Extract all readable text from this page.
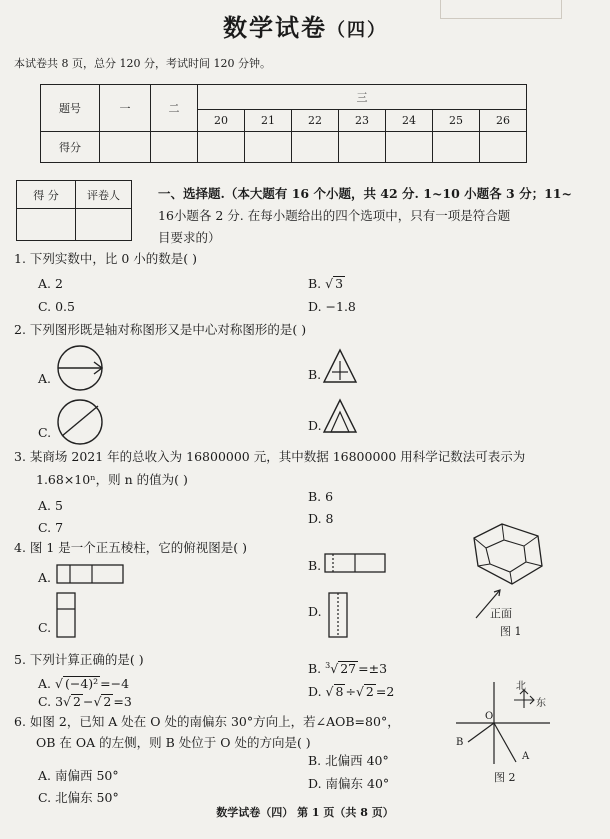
数学试卷（四）
本试卷共 8 页，总分 120 分，考试时间 120 分钟。
题号	一	二	三						
			20	21	22	23	24	25	26
得分									
得 分	评卷人
		一、选择题.（本大题有 16 个小题，共 42 分. 1~10 小题各 3 分；11~
16小题各 2 分. 在每小题给出的四个选项中，只有一项是符合题
目要求的）
1. 下列实数中，比 0 小的数是( )
A. 2	B. √ 3
C. 0.5	D. −1.8
2. 下列图形既是轴对称图形又是中心对称图形的是( )
A.	B.
C.	D.
3. 某商场 2021 年的总收入为 16800000 元，其中数据 16800000 用科学记数法可表示为
1.68×10ⁿ，则 n 的值为( )
A. 5
B. 6
C. 7
D. 8
4. 图 1 是一个正五棱柱，它的俯视图是( )
A.
B.
C.
D.	正面
图 1
5. 下列计算正确的是( )
A. √ (−4)² =−4
B. $^3$√ 27 =±3
C. 3√ 2 −√ 2 =3
D. √ 8 ÷√ 2 =2
6. 如图 2，已知 A 处在 O 处的南偏东 30°方向上，若∠AOB=80°，
OB 在 OA 的左侧，则 B 处位于 O 处的方向是( )
A. 南偏西 50°
B. 北偏西 40°
C. 北偏东 50°
D. 南偏东 40°
北
东
O
B
A
图 2
数学试卷（四） 第 1 页（共 8 页）
